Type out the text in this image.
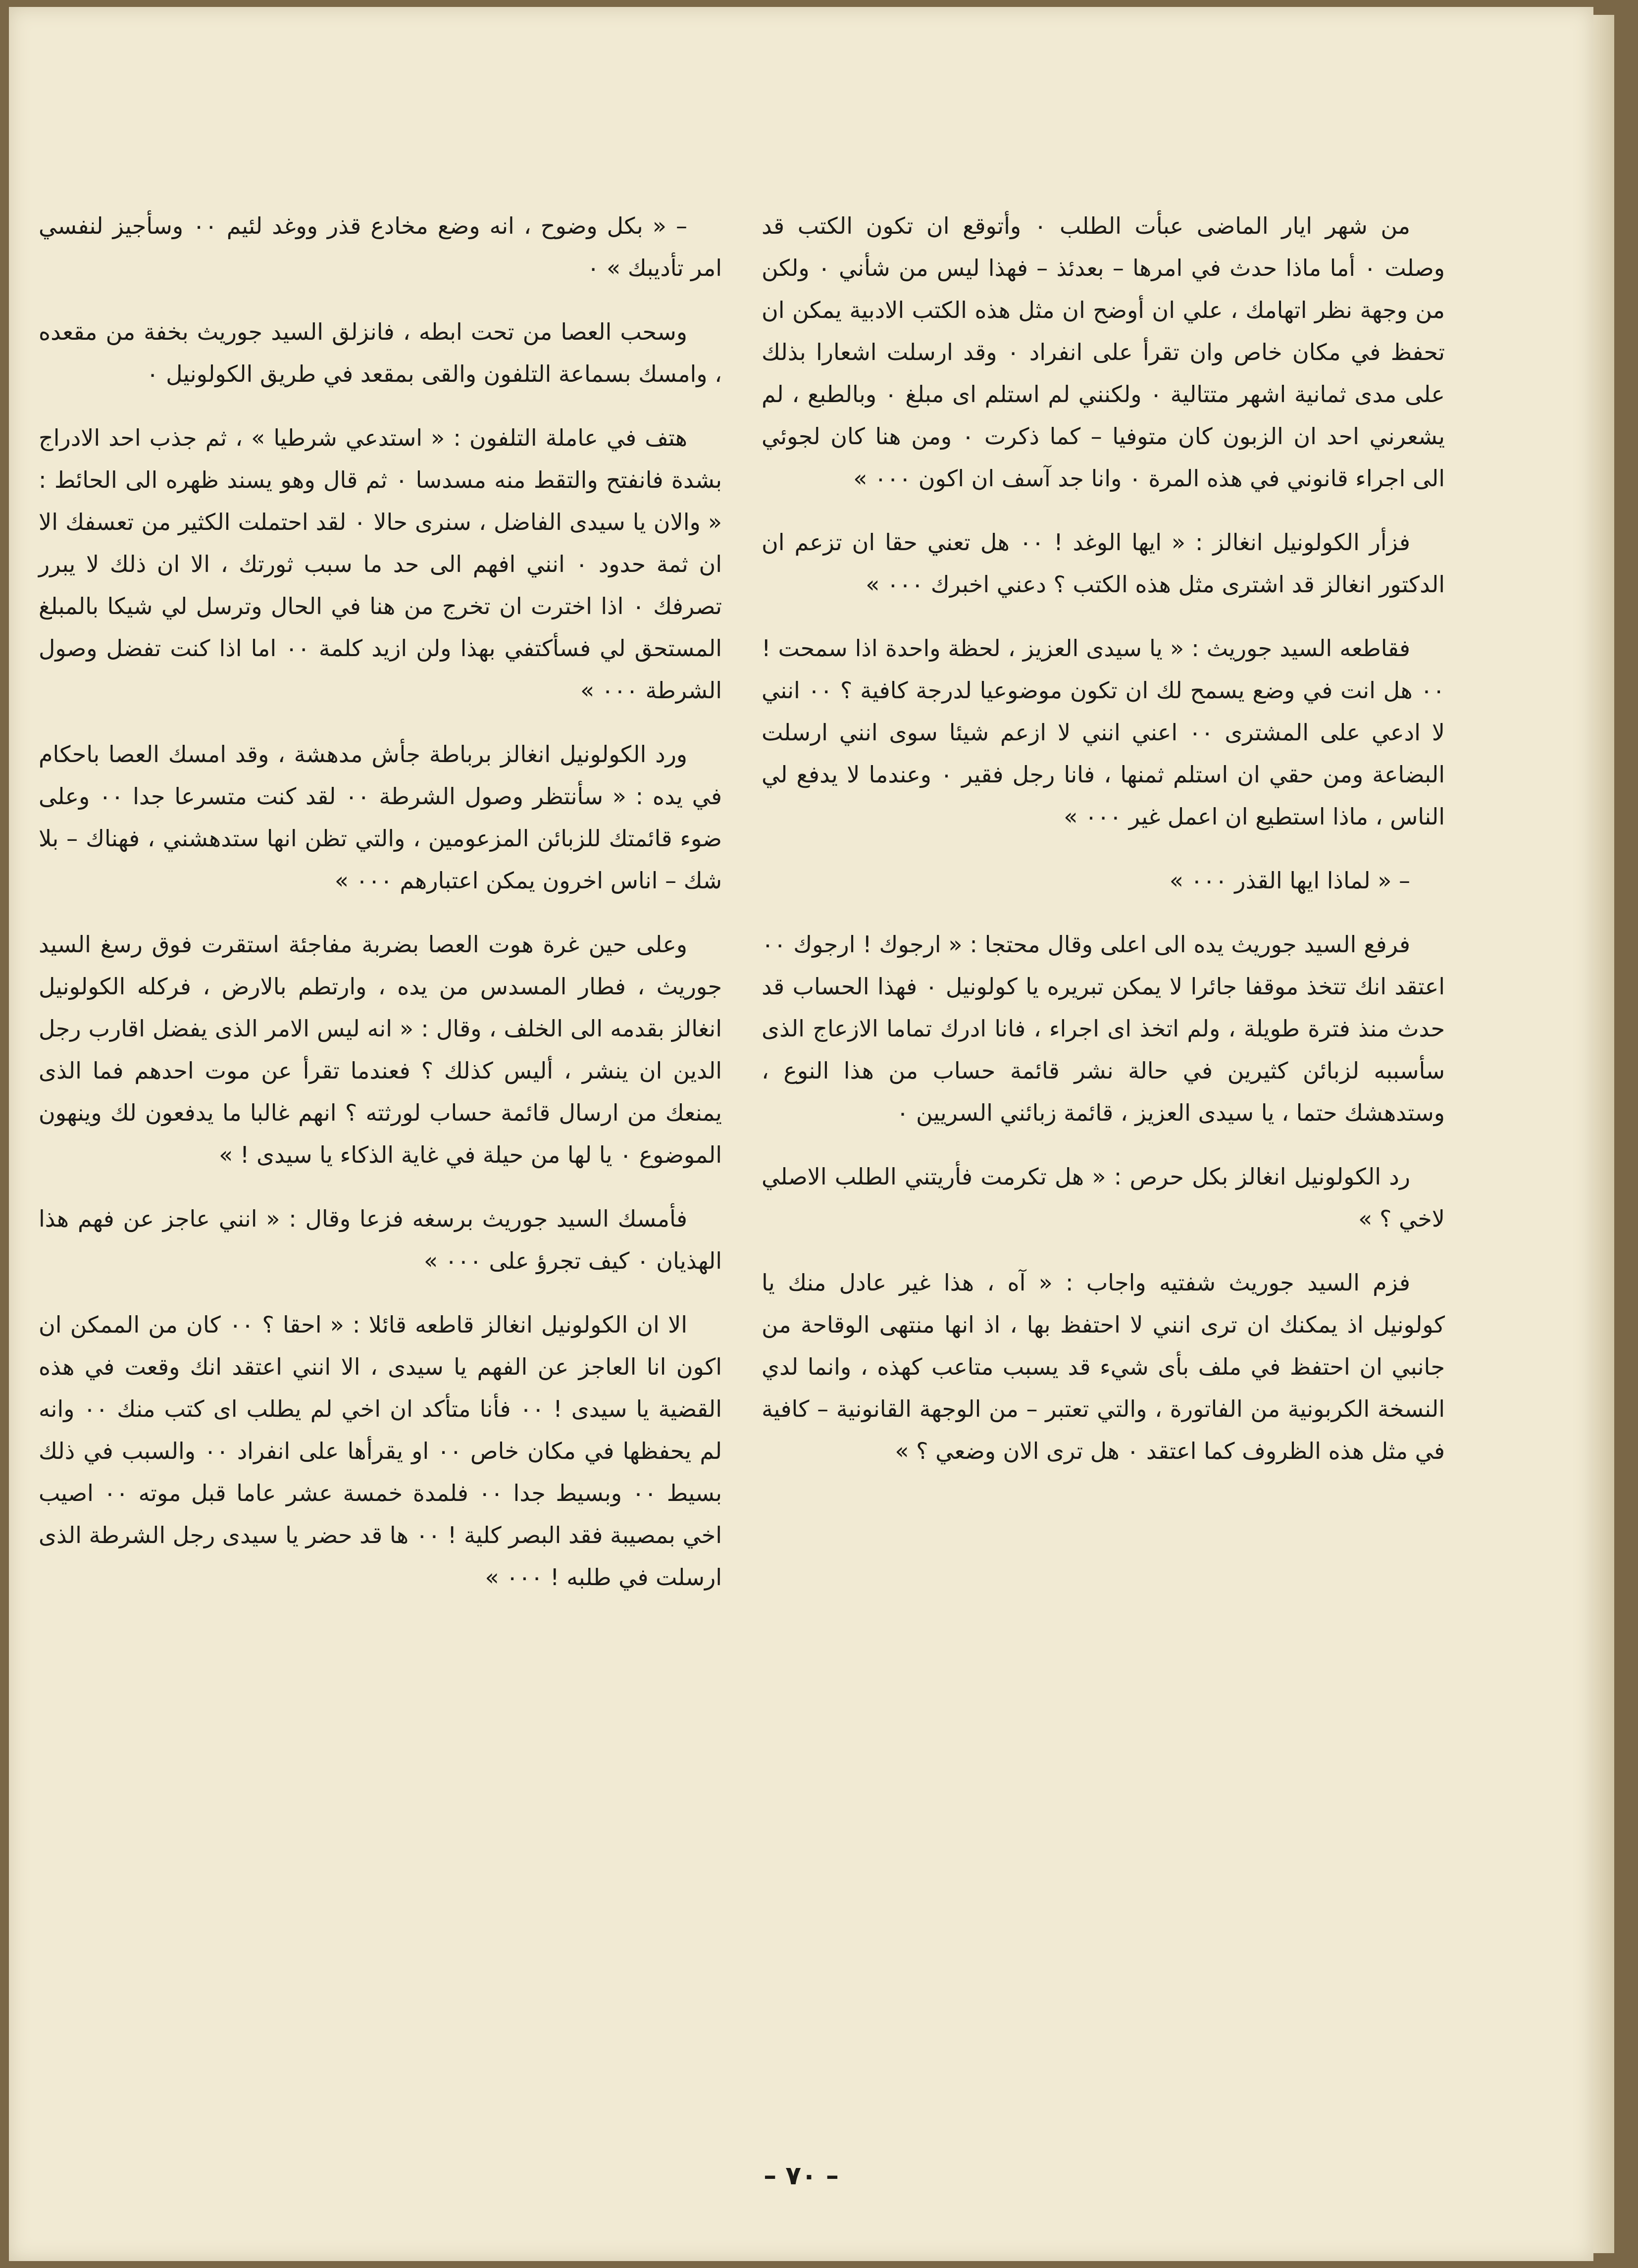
من شهر ايار الماضى عبأت الطلب ٠ وأتوقع ان تكون الكتب قد وصلت ٠ أما ماذا حدث في امرها – بعدئذ – فهذا ليس من شأني ٠ ولكن من وجهة نظر اتهامك ، علي ان أوضح ان مثل هذه الكتب الادبية يمكن ان تحفظ في مكان خاص وان تقرأ على انفراد ٠ وقد ارسلت اشعارا بذلك على مدى ثمانية اشهر متتالية ٠ ولكنني لم استلم اى مبلغ ٠ وبالطبع ، لم يشعرني احد ان الزبون كان متوفيا – كما ذكرت ٠ ومن هنا كان لجوئي الى اجراء قانوني في هذه المرة ٠ وانا جد آسف ان اكون ٠٠٠ »

فزأر الكولونيل انغالز : « ايها الوغد ! ٠٠ هل تعني حقا ان تزعم ان الدكتور انغالز قد اشترى مثل هذه الكتب ؟ دعني اخبرك ٠٠٠ »

فقاطعه السيد جوريث : « يا سيدى العزيز ، لحظة واحدة اذا سمحت ! ٠٠ هل انت في وضع يسمح لك ان تكون موضوعيا لدرجة كافية ؟ ٠٠ انني لا ادعي على المشترى ٠٠ اعني انني لا ازعم شيئا سوى انني ارسلت البضاعة ومن حقي ان استلم ثمنها ، فانا رجل فقير ٠ وعندما لا يدفع لي الناس ، ماذا استطيع ان اعمل غير ٠٠٠ »

– « لماذا ايها القذر ٠٠٠ »

فرفع السيد جوريث يده الى اعلى وقال محتجا : « ارجوك ! ارجوك ٠٠ اعتقد انك تتخذ موقفا جائرا لا يمكن تبريره يا كولونيل ٠ فهذا الحساب قد حدث منذ فترة طويلة ، ولم اتخذ اى اجراء ، فانا ادرك تماما الازعاج الذى سأسببه لزبائن كثيرين في حالة نشر قائمة حساب من هذا النوع ، وستدهشك حتما ، يا سيدى العزيز ، قائمة زبائني السريين ٠

رد الكولونيل انغالز بكل حرص : « هل تكرمت فأريتني الطلب الاصلي لاخي ؟ »

فزم السيد جوريث شفتيه واجاب : « آه ، هذا غير عادل منك يا كولونيل اذ يمكنك ان ترى انني لا احتفظ بها ، اذ انها منتهى الوقاحة من جانبي ان احتفظ في ملف بأى شيء قد يسبب متاعب كهذه ، وانما لدي النسخة الكربونية من الفاتورة ، والتي تعتبر – من الوجهة القانونية – كافية في مثل هذه الظروف كما اعتقد ٠ هل ترى الان وضعي ؟ »

– « بكل وضوح ، انه وضع مخادع قذر ووغد لئيم ٠٠ وسأجيز لنفسي امر تأديبك » ٠

وسحب العصا من تحت ابطه ، فانزلق السيد جوريث بخفة من مقعده ، وامسك بسماعة التلفون والقى بمقعد في طريق الكولونيل ٠

هتف في عاملة التلفون : « استدعي شرطيا » ، ثم جذب احد الادراج بشدة فانفتح والتقط منه مسدسا ٠ ثم قال وهو يسند ظهره الى الحائط : « والان يا سيدى الفاضل ، سنرى حالا ٠ لقد احتملت الكثير من تعسفك الا ان ثمة حدود ٠ انني افهم الى حد ما سبب ثورتك ، الا ان ذلك لا يبرر تصرفك ٠ اذا اخترت ان تخرج من هنا في الحال وترسل لي شيكا بالمبلغ المستحق لي فسأكتفي بهذا ولن ازيد كلمة ٠٠ اما اذا كنت تفضل وصول الشرطة ٠٠٠ »

ورد الكولونيل انغالز برباطة جأش مدهشة ، وقد امسك العصا باحكام في يده : « سأنتظر وصول الشرطة ٠٠ لقد كنت متسرعا جدا ٠٠ وعلى ضوء قائمتك للزبائن المزعومين ، والتي تظن انها ستدهشني ، فهناك – بلا شك – اناس اخرون يمكن اعتبارهم ٠٠٠ »

وعلى حين غرة هوت العصا بضربة مفاجئة استقرت فوق رسغ السيد جوريث ، فطار المسدس من يده ، وارتطم بالارض ، فركله الكولونيل انغالز بقدمه الى الخلف ، وقال : « انه ليس الامر الذى يفضل اقارب رجل الدين ان ينشر ، أليس كذلك ؟ فعندما تقرأ عن موت احدهم فما الذى يمنعك من ارسال قائمة حساب لورثته ؟ انهم غالبا ما يدفعون لك وينهون الموضوع ٠ يا لها من حيلة في غاية الذكاء يا سيدى ! »

فأمسك السيد جوريث برسغه فزعا وقال : « انني عاجز عن فهم هذا الهذيان ٠ كيف تجرؤ على ٠٠٠ »

الا ان الكولونيل انغالز قاطعه قائلا : « احقا ؟ ٠٠ كان من الممكن ان اكون انا العاجز عن الفهم يا سيدى ، الا انني اعتقد انك وقعت في هذه القضية يا سيدى ! ٠٠ فأنا متأكد ان اخي لم يطلب اى كتب منك ٠٠ وانه لم يحفظها في مكان خاص ٠٠ او يقرأها على انفراد ٠٠ والسبب في ذلك بسيط ٠٠ وبسيط جدا ٠٠ فلمدة خمسة عشر عاما قبل موته ٠٠ اصيب اخي بمصيبة فقد البصر كلية ! ٠٠ ها قد حضر يا سيدى رجل الشرطة الذى ارسلت في طلبه ! ٠٠٠ »

– ٧٠ –
